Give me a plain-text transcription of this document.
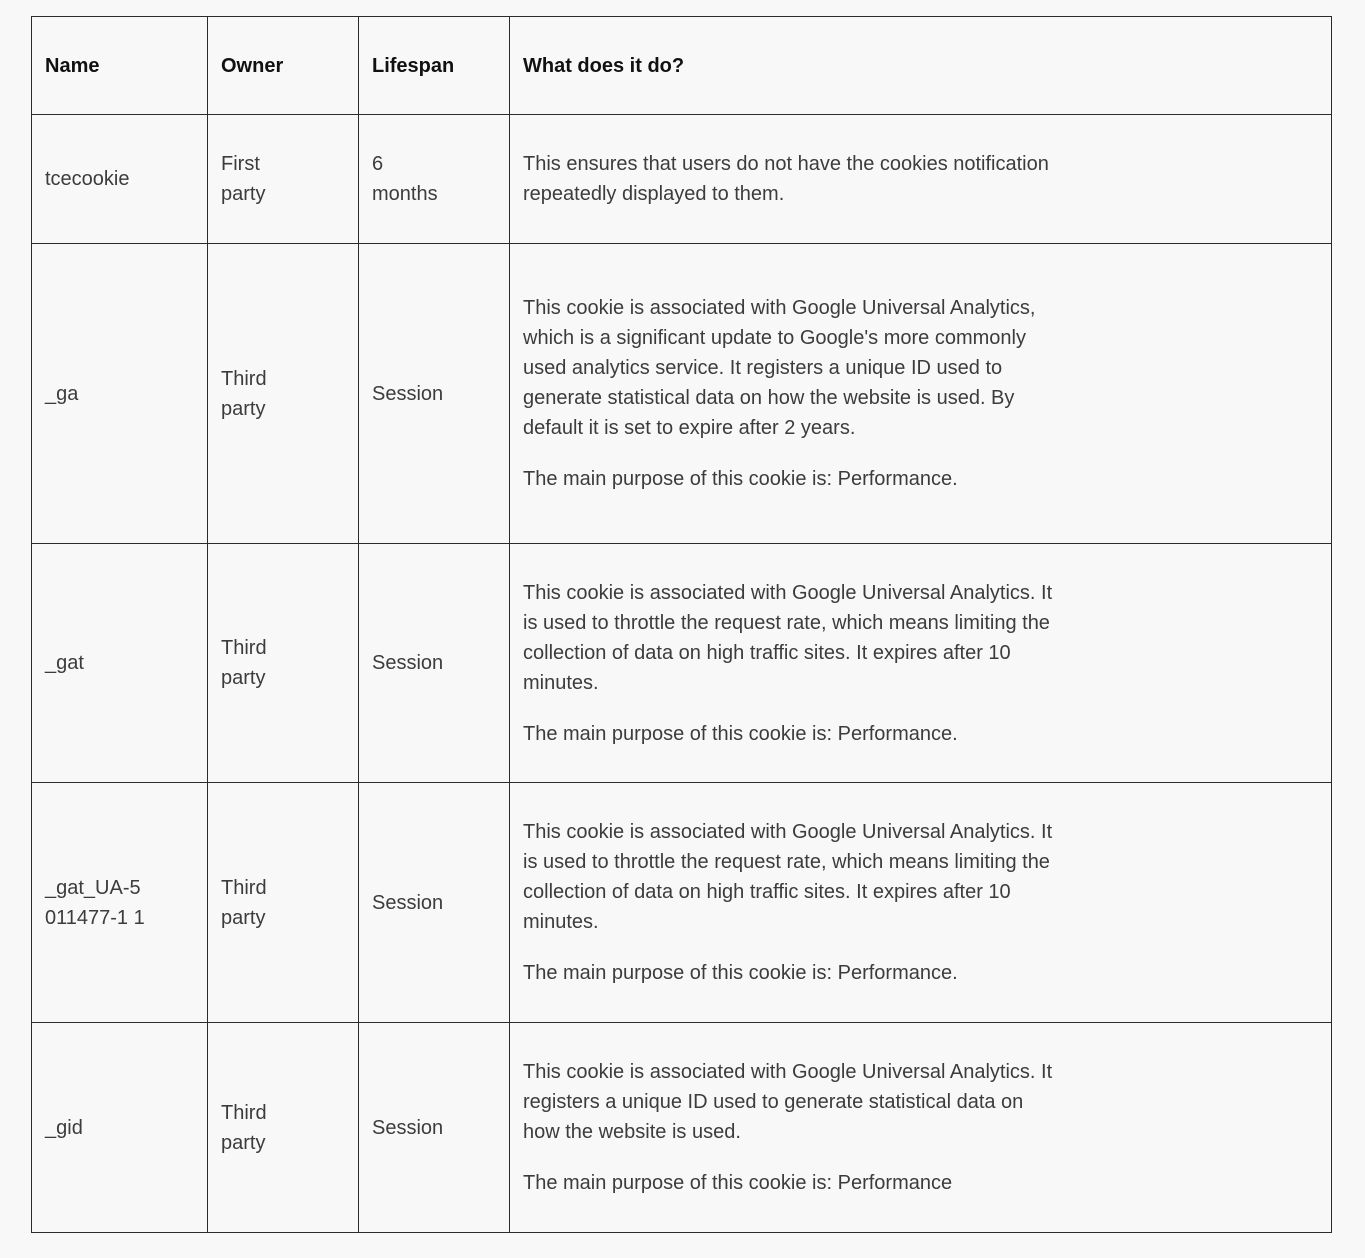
Name	Owner	Lifespan	What does it do?

tcecookie	First party	6 months	This ensures that users do not have the cookies notification repeatedly displayed to them.

_ga	Third party	Session	This cookie is associated with Google Universal Analytics, which is a significant update to Google's more commonly used analytics service. It registers a unique ID used to generate statistical data on how the website is used. By default it is set to expire after 2 years.

The main purpose of this cookie is: Performance.

_gat	Third party	Session	This cookie is associated with Google Universal Analytics. It is used to throttle the request rate, which means limiting the collection of data on high traffic sites. It expires after 10 minutes.

The main purpose of this cookie is: Performance.

_gat_UA-5011477-1 1	Third party	Session	This cookie is associated with Google Universal Analytics. It is used to throttle the request rate, which means limiting the collection of data on high traffic sites. It expires after 10 minutes.

The main purpose of this cookie is: Performance.

_gid	Third party	Session	This cookie is associated with Google Universal Analytics. It registers a unique ID used to generate statistical data on how the website is used.

The main purpose of this cookie is: Performance
